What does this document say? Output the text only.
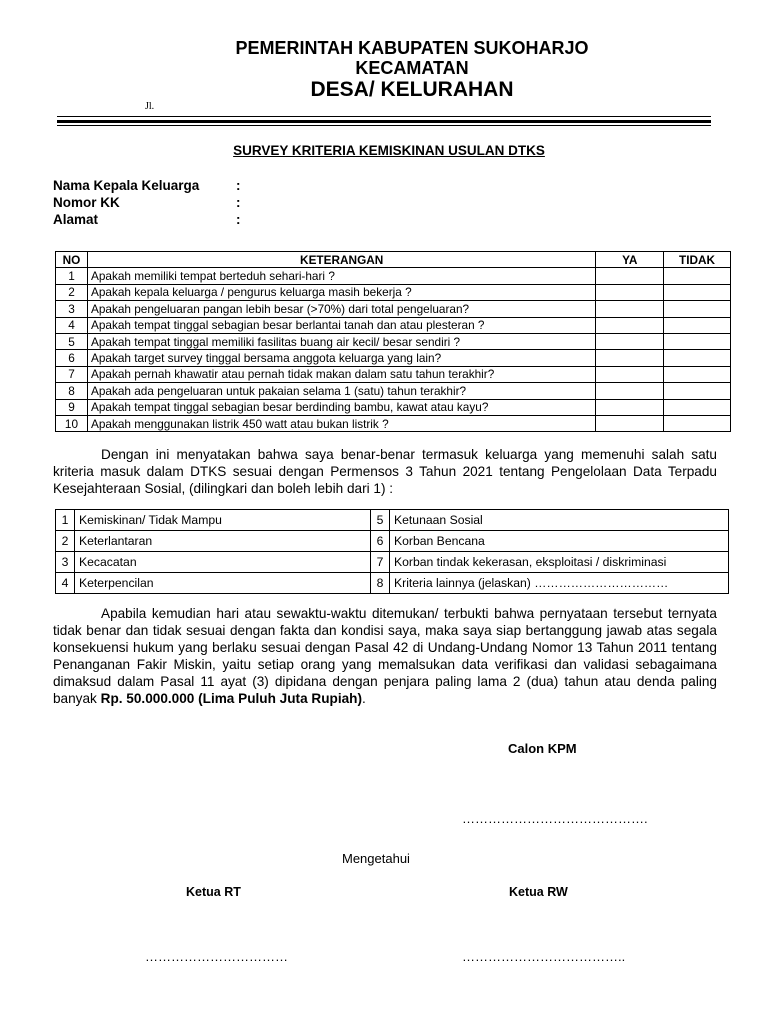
PEMERINTAH KABUPATEN SUKOHARJO
KECAMATAN
DESA/ KELURAHAN
Jl.
SURVEY KRITERIA KEMISKINAN USULAN DTKS
Nama Kepala Keluarga	:
Nomor KK	:
Alamat	:
NO	KETERANGAN	YA	TIDAK
1	Apakah memiliki tempat berteduh sehari-hari ?		
2	Apakah kepala keluarga / pengurus keluarga masih bekerja ?		
3	Apakah pengeluaran pangan lebih besar (>70%) dari total pengeluaran?		
4	Apakah tempat tinggal sebagian besar berlantai tanah dan atau plesteran ?		
5	Apakah tempat tinggal memiliki fasilitas buang air kecil/ besar sendiri ?		
6	Apakah target survey tinggal bersama anggota keluarga yang lain?		
7	Apakah pernah khawatir atau pernah tidak makan dalam satu tahun terakhir?		
8	Apakah ada pengeluaran untuk pakaian selama 1 (satu) tahun terakhir?		
9	Apakah tempat tinggal sebagian besar berdinding bambu, kawat atau kayu?		
10	Apakah menggunakan listrik 450 watt atau bukan listrik ?		
Dengan ini menyatakan bahwa saya benar-benar termasuk keluarga yang memenuhi salah satu kriteria masuk dalam DTKS sesuai dengan Permensos 3 Tahun 2021 tentang Pengelolaan Data Terpadu Kesejahteraan Sosial, (dilingkari dan boleh lebih dari 1) :
1	Kemiskinan/ Tidak Mampu	5	Ketunaan Sosial
2	Keterlantaran	6	Korban Bencana
3	Kecacatan	7	Korban tindak kekerasan, eksploitasi / diskriminasi
4	Keterpencilan	8	Kriteria lainnya (jelaskan) ……………………………
Apabila kemudian hari atau sewaktu-waktu ditemukan/ terbukti bahwa pernyataan tersebut ternyata tidak benar dan tidak sesuai dengan fakta dan kondisi saya, maka saya siap bertanggung jawab atas segala konsekuensi hukum yang berlaku sesuai dengan Pasal 42 di Undang-Undang Nomor 13 Tahun 2011 tentang Penanganan Fakir Miskin, yaitu setiap orang yang memalsukan data verifikasi dan validasi sebagaimana dimaksud dalam Pasal 11 ayat (3) dipidana dengan penjara paling lama 2 (dua) tahun atau denda paling banyak Rp. 50.000.000 (Lima Puluh Juta Rupiah).
Calon KPM
…………………………………….
Mengetahui
Ketua RT	Ketua RW
……………………………	………………………………..
